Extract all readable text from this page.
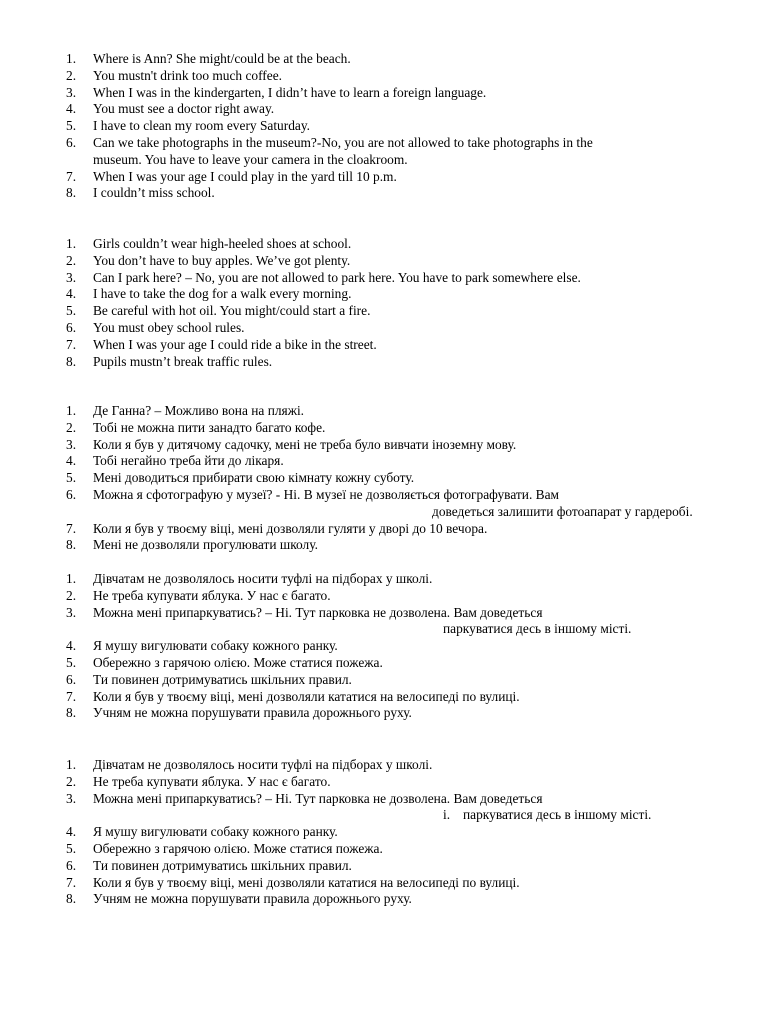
1.	Where is Ann? She might/could be at the beach.
2.	You mustn't drink too much coffee.
3.	When I was in the kindergarten, I didn’t have to learn a foreign language.
4.	You must see a doctor right away.
5.	I have to clean my room every Saturday.
6.	Can we take photographs in the museum?-No, you are not allowed to take photographs in the
museum. You have to leave your camera in the cloakroom.
7.	When I was your age I could play in the yard till 10 p.m.
8.	I couldn’t miss school.
1.	Girls couldn’t wear high-heeled shoes at school.
2.	You don’t have to buy apples. We’ve got plenty.
3.	Can I park here? – No, you are not allowed to park here. You have to park somewhere else.
4.	I have to take the dog for a walk every morning.
5.	Be careful with hot oil. You might/could start a fire.
6.	You must obey school rules.
7.	When I was your age I could ride a bike in the street.
8.	Pupils mustn’t break traffic rules.
1.	Де Ганна? – Можливо вона на пляжі.
2.	Тобі не можна пити занадто багато кофе.
3.	Коли я був у дитячому садочку, мені не треба було вивчати іноземну мову.
4.	Тобі негайно треба йти до лікаря.
5.	Мені доводиться прибирати свою кімнату кожну суботу.
6.	Можна я сфотографую у музеї? - Ні. В музеї не дозволяється фотографувати. Вам
доведеться залишити фотоапарат у гардеробі.
7.	Коли я був у твоєму віці, мені дозволяли гуляти у дворі до 10 вечора.
8.	Мені не дозволяли прогулювати школу.
1.	Дівчатам не дозволялось носити туфлі на підборах у школі.
2.	Не треба купувати яблука. У нас є багато.
3.	Можна мені припаркуватись? – Ні. Тут парковка не дозволена. Вам доведеться
паркуватися десь в іншому місті.
4.	Я мушу вигулювати собаку кожного ранку.
5.	Обережно з гарячою олією. Може статися пожежа.
6.	Ти повинен дотримуватись шкільних правил.
7.	Коли я був у твоєму віці, мені дозволяли кататися на велосипеді по вулиці.
8.	Учням не можна порушувати правила дорожнього руху.
1.	Дівчатам не дозволялось носити туфлі на підборах у школі.
2.	Не треба купувати яблука. У нас є багато.
3.	Можна мені припаркуватись? – Ні. Тут парковка не дозволена. Вам доведеться
i. паркуватися десь в іншому місті.
4.	Я мушу вигулювати собаку кожного ранку.
5.	Обережно з гарячою олією. Може статися пожежа.
6.	Ти повинен дотримуватись шкільних правил.
7.	Коли я був у твоєму віці, мені дозволяли кататися на велосипеді по вулиці.
8.	Учням не можна порушувати правила дорожнього руху.
